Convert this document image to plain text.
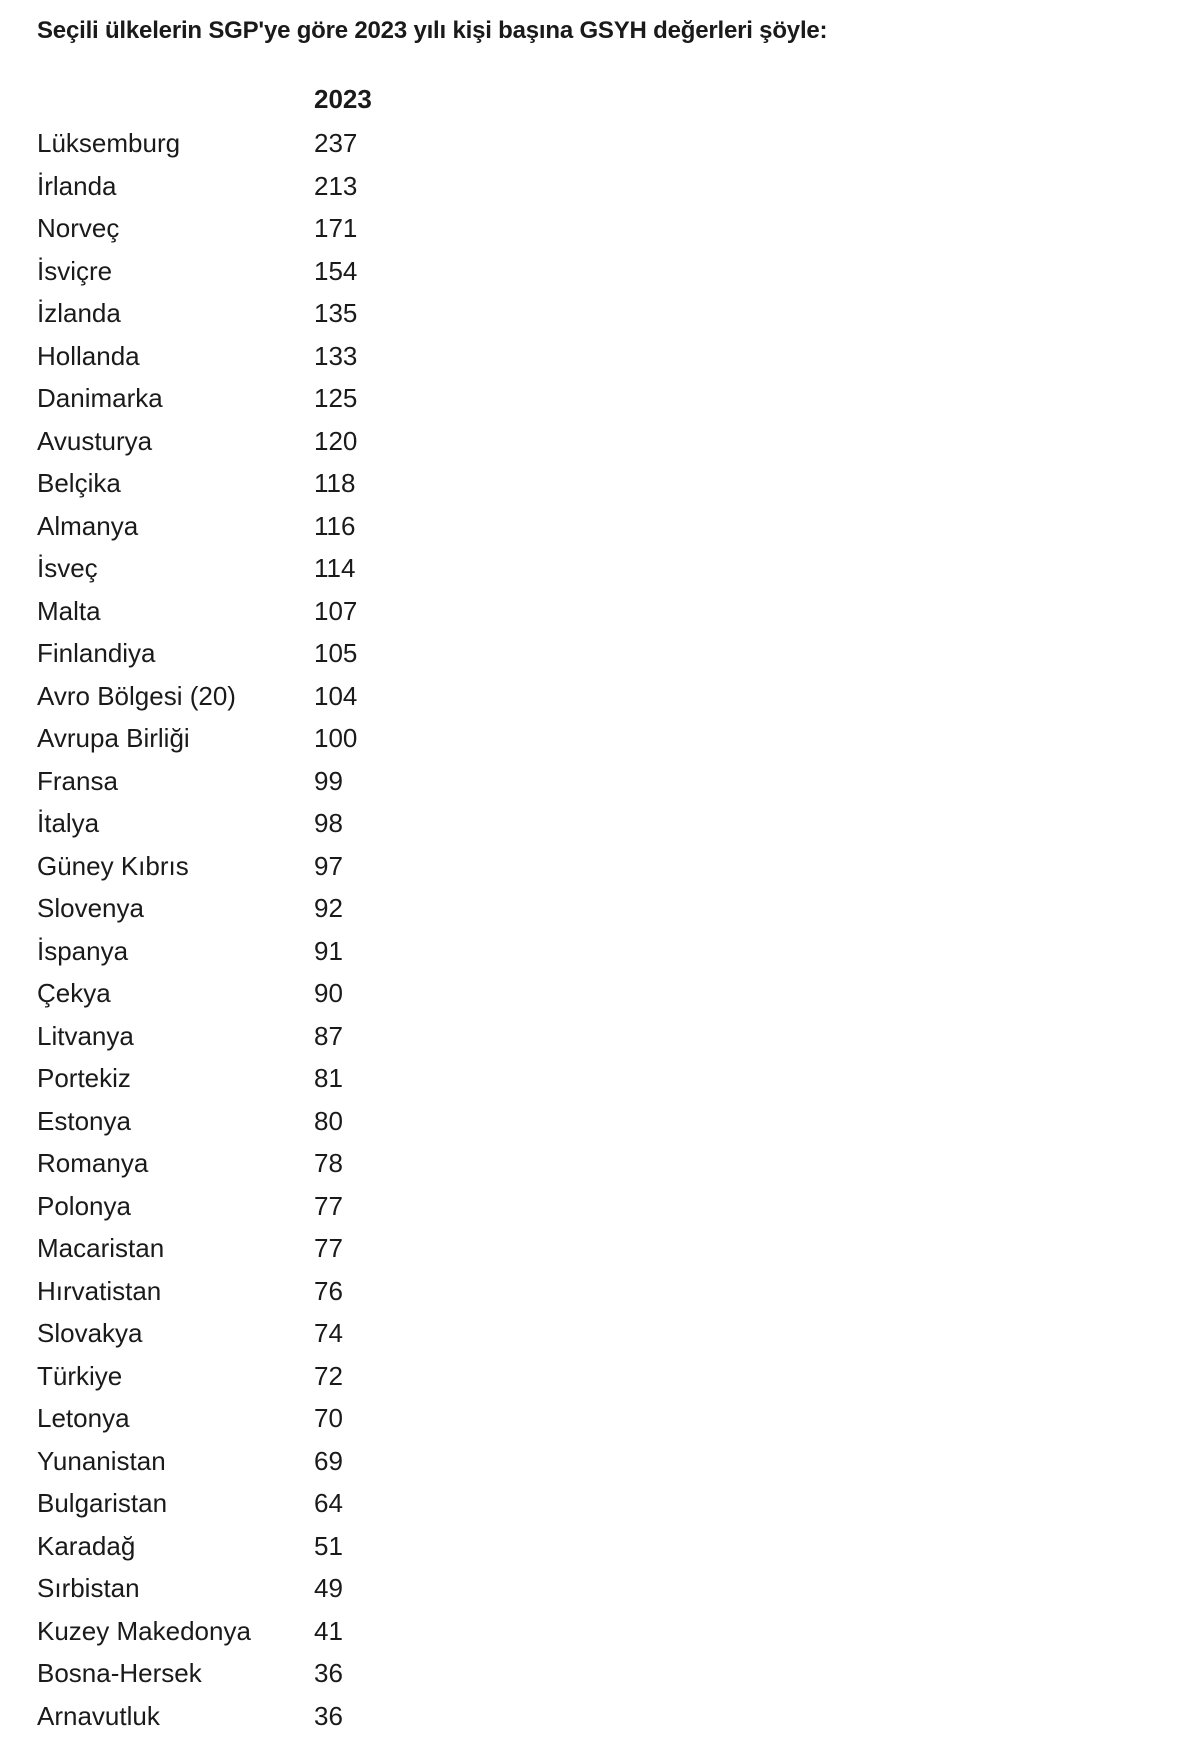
Seçili ülkelerin SGP'ye göre 2023 yılı kişi başına GSYH değerleri şöyle:
	2023
Lüksemburg	237
İrlanda	213
Norveç	171
İsviçre	154
İzlanda	135
Hollanda	133
Danimarka	125
Avusturya	120
Belçika	118
Almanya	116
İsveç	114
Malta	107
Finlandiya	105
Avro Bölgesi (20)	104
Avrupa Birliği	100
Fransa	99
İtalya	98
Güney Kıbrıs	97
Slovenya	92
İspanya	91
Çekya	90
Litvanya	87
Portekiz	81
Estonya	80
Romanya	78
Polonya	77
Macaristan	77
Hırvatistan	76
Slovakya	74
Türkiye	72
Letonya	70
Yunanistan	69
Bulgaristan	64
Karadağ	51
Sırbistan	49
Kuzey Makedonya	41
Bosna-Hersek	36
Arnavutluk	36
